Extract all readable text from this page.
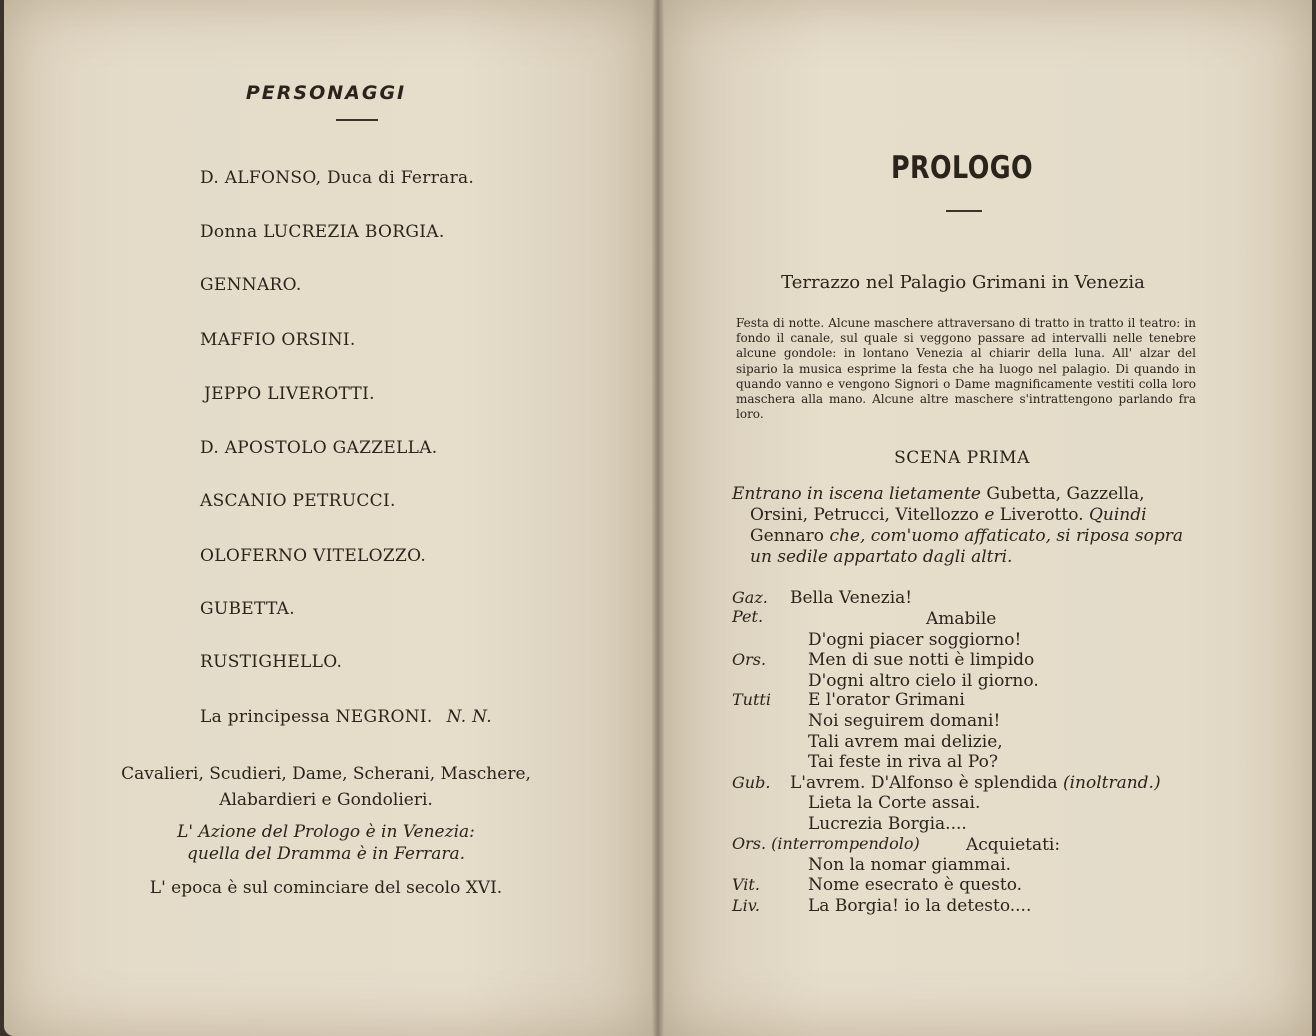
PERSONAGGI
D. ALFONSO, Duca di Ferrara.
Donna LUCREZIA BORGIA.
GENNARO.
MAFFIO ORSINI.
JEPPO LIVEROTTI.
D. APOSTOLO GAZZELLA.
ASCANIO PETRUCCI.
OLOFERNO VITELOZZO.
GUBETTA.
RUSTIGHELLO.
La principessa NEGRONI. N. N.
Cavalieri, Scudieri, Dame, Scherani, Maschere,
Alabardieri e Gondolieri.
L' Azione del Prologo è in Venezia:
quella del Dramma è in Ferrara.
L' epoca è sul cominciare del secolo XVI.
PROLOGO
Terrazzo nel Palagio Grimani in Venezia
Festa di notte. Alcune maschere attraversano di tratto in tratto il teatro: in fondo il canale, sul quale si veggono passare ad intervalli nelle tenebre alcune gondole: in lontano Venezia al chiarir della luna. All' alzar del sipario la musica esprime la festa che ha luogo nel palagio. Di quando in quando vanno e vengono Signori o Dame magnificamente vestiti colla loro maschera alla mano. Alcune altre maschere s'intrattengono parlando fra loro.
SCENA PRIMA
Entrano in iscena lietamente Gubetta, Gazzella,
Orsini, Petrucci, Vitellozzo e Liverotto. Quindi
Gennaro che, com'uomo affaticato, si riposa sopra
un sedile appartato dagli altri.
Gaz. Bella Venezia!
Pet.	Amabile
D'ogni piacer soggiorno!
Ors. Men di sue notti è limpido
D'ogni altro cielo il giorno.
Tutti E l'orator Grimani
Noi seguirem domani!
Tali avrem mai delizie,
Tai feste in riva al Po?
Gub. L'avrem. D'Alfonso è splendida (inoltrand.)
Lieta la Corte assai.
Lucrezia Borgia....
Ors. (interrompendolo)	Acquietati:
Non la nomar giammai.
Vit.	Nome esecrato è questo.
Liv.	La Borgia! io la detesto....
